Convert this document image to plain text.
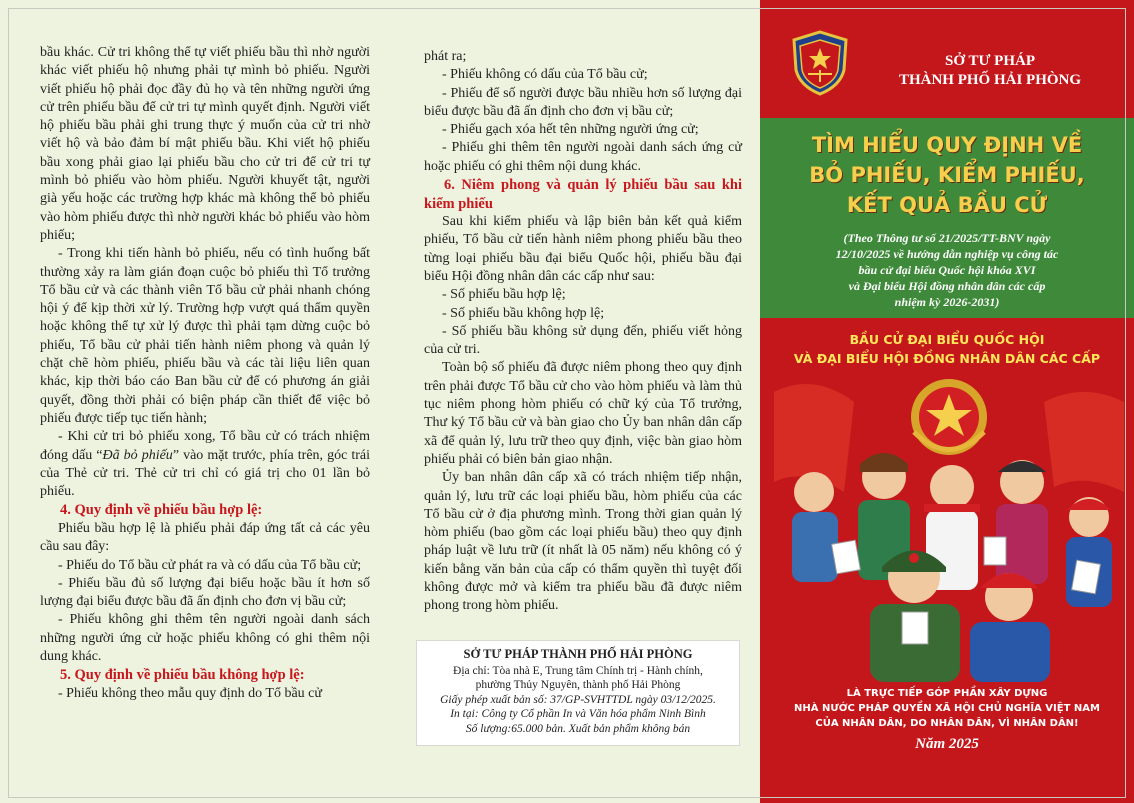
bầu khác. Cử tri không thể tự viết phiếu bầu thì nhờ người khác viết phiếu hộ nhưng phải tự mình bỏ phiếu. Người viết phiếu hộ phải đọc đầy đủ họ và tên những người ứng cử trên phiếu bầu để cử tri tự mình quyết định. Người viết hộ phiếu bầu phải ghi trung thực ý muốn của cử tri nhờ viết hộ và bảo đảm bí mật phiếu bầu. Khi viết hộ phiếu bầu xong phải giao lại phiếu bầu cho cử tri để cử tri tự mình bỏ phiếu vào hòm phiếu. Người khuyết tật, người già yếu hoặc các trường hợp khác mà không thể bỏ phiếu vào hòm phiếu được thì nhờ người khác bỏ phiếu vào hòm phiếu;

- Trong khi tiến hành bỏ phiếu, nếu có tình huống bất thường xảy ra làm gián đoạn cuộc bỏ phiếu thì Tổ trưởng Tổ bầu cử và các thành viên Tổ bầu cử phải nhanh chóng hội ý để kịp thời xử lý. Trường hợp vượt quá thẩm quyền hoặc không thể tự xử lý được thì phải tạm dừng cuộc bỏ phiếu, Tổ bầu cử phải tiến hành niêm phong và quản lý chặt chẽ hòm phiếu, phiếu bầu và các tài liệu liên quan khác, kịp thời báo cáo Ban bầu cử để có phương án giải quyết, đồng thời phải có biện pháp cần thiết để việc bỏ phiếu được tiếp tục tiến hành;

- Khi cử tri bỏ phiếu xong, Tổ bầu cử có trách nhiệm đóng dấu “Đã bỏ phiếu” vào mặt trước, phía trên, góc trái của Thẻ cử tri. Thẻ cử tri chỉ có giá trị cho 01 lần bỏ phiếu.

4. Quy định về phiếu bầu hợp lệ:

Phiếu bầu hợp lệ là phiếu phải đáp ứng tất cả các yêu cầu sau đây:

- Phiếu do Tổ bầu cử phát ra và có dấu của Tổ bầu cử;

- Phiếu bầu đủ số lượng đại biểu hoặc bầu ít hơn số lượng đại biểu được bầu đã ấn định cho đơn vị bầu cử;

- Phiếu không ghi thêm tên người ngoài danh sách những người ứng cử hoặc phiếu không có ghi thêm nội dung khác.

5. Quy định về phiếu bầu không hợp lệ:

- Phiếu không theo mẫu quy định do Tổ bầu cử

phát ra;

- Phiếu không có dấu của Tổ bầu cử;

- Phiếu để số người được bầu nhiều hơn số lượng đại biểu được bầu đã ấn định cho đơn vị bầu cử;

- Phiếu gạch xóa hết tên những người ứng cử;

- Phiếu ghi thêm tên người ngoài danh sách ứng cử hoặc phiếu có ghi thêm nội dung khác.

6. Niêm phong và quản lý phiếu bầu sau khi kiểm phiếu

Sau khi kiểm phiếu và lập biên bản kết quả kiểm phiếu, Tổ bầu cử tiến hành niêm phong phiếu bầu theo từng loại phiếu bầu đại biểu Quốc hội, phiếu bầu đại biểu Hội đồng nhân dân các cấp như sau:

- Số phiếu bầu hợp lệ;

- Số phiếu bầu không hợp lệ;

- Số phiếu bầu không sử dụng đến, phiếu viết hỏng của cử tri.

Toàn bộ số phiếu đã được niêm phong theo quy định trên phải được Tổ bầu cử cho vào hòm phiếu và làm thủ tục niêm phong hòm phiếu có chữ ký của Tổ trưởng, Thư ký Tổ bầu cử và bàn giao cho Ủy ban nhân dân cấp xã để quản lý, lưu trữ theo quy định, việc bàn giao hòm phiếu phải có biên bản giao nhận.

Ủy ban nhân dân cấp xã có trách nhiệm tiếp nhận, quản lý, lưu trữ các loại phiếu bầu, hòm phiếu của các Tổ bầu cử ở địa phương mình. Trong thời gian quản lý hòm phiếu (bao gồm các loại phiếu bầu) theo quy định pháp luật về lưu trữ (ít nhất là 05 năm) nếu không có ý kiến bằng văn bản của cấp có thẩm quyền thì tuyệt đối không được mở và kiểm tra phiếu bầu đã được niêm phong trong hòm phiếu.

SỞ TƯ PHÁP THÀNH PHỐ HẢI PHÒNG
Địa chỉ: Tòa nhà E, Trung tâm Chính trị - Hành chính,
phường Thủy Nguyên, thành phố Hải Phòng
Giấy phép xuất bản số: 37/GP-SVHTTDL ngày 03/12/2025.
In tại: Công ty Cổ phần In và Văn hóa phẩm Ninh Bình
Số lượng:65.000 bản. Xuất bản phẩm không bán
SỞ TƯ PHÁP
THÀNH PHỐ HẢI PHÒNG
TÌM HIỂU QUY ĐỊNH VỀ
BỎ PHIẾU, KIỂM PHIẾU,
KẾT QUẢ BẦU CỬ
(Theo Thông tư số 21/2025/TT-BNV ngày
12/10/2025 về hướng dẫn nghiệp vụ công tác
bầu cử đại biểu Quốc hội khóa XVI
và Đại biểu Hội đồng nhân dân các cấp
nhiệm kỳ 2026-2031)
BẦU CỬ ĐẠI BIỂU QUỐC HỘI
VÀ ĐẠI BIỂU HỘI ĐỒNG NHÂN DÂN CÁC CẤP
LÀ TRỰC TIẾP GÓP PHẦN XÂY DỰNG
NHÀ NƯỚC PHÁP QUYỀN XÃ HỘI CHỦ NGHĨA VIỆT NAM
CỦA NHÂN DÂN, DO NHÂN DÂN, VÌ NHÂN DÂN!
Năm 2025
